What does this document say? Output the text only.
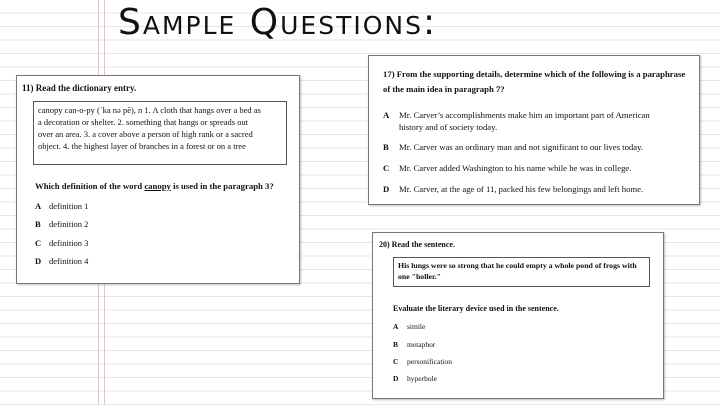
Sample Questions:
11) Read the dictionary entry.
canopy can-o-py (ˈka nə pē), n 1. A cloth that hangs over a bed as
a decoration or shelter. 2. something that hangs or spreads out
over an area. 3. a cover above a person of high rank or a sacred
object. 4. the highest layer of branches in a forest or on a tree
Which definition of the word canopy is used in the paragraph 3?
A definition 1
B definition 2
C definition 3
D definition 4
17) From the supporting details, determine which of the following is a paraphrase
of the main idea in paragraph 7?
A	Mr. Carver’s accomplishments make him an important part of American history and of society today.
B	Mr. Carver was an ordinary man and not significant to our lives today.
C	Mr. Carver added Washington to his name while he was in college.
D	Mr. Carver, at the age of 11, packed his few belongings and left home.
20) Read the sentence.
His lungs were so strong that he could empty a whole pond of frogs with one "holler."
Evaluate the literary device used in the sentence.
A simile
B metaphor
C personification
D hyperbole
